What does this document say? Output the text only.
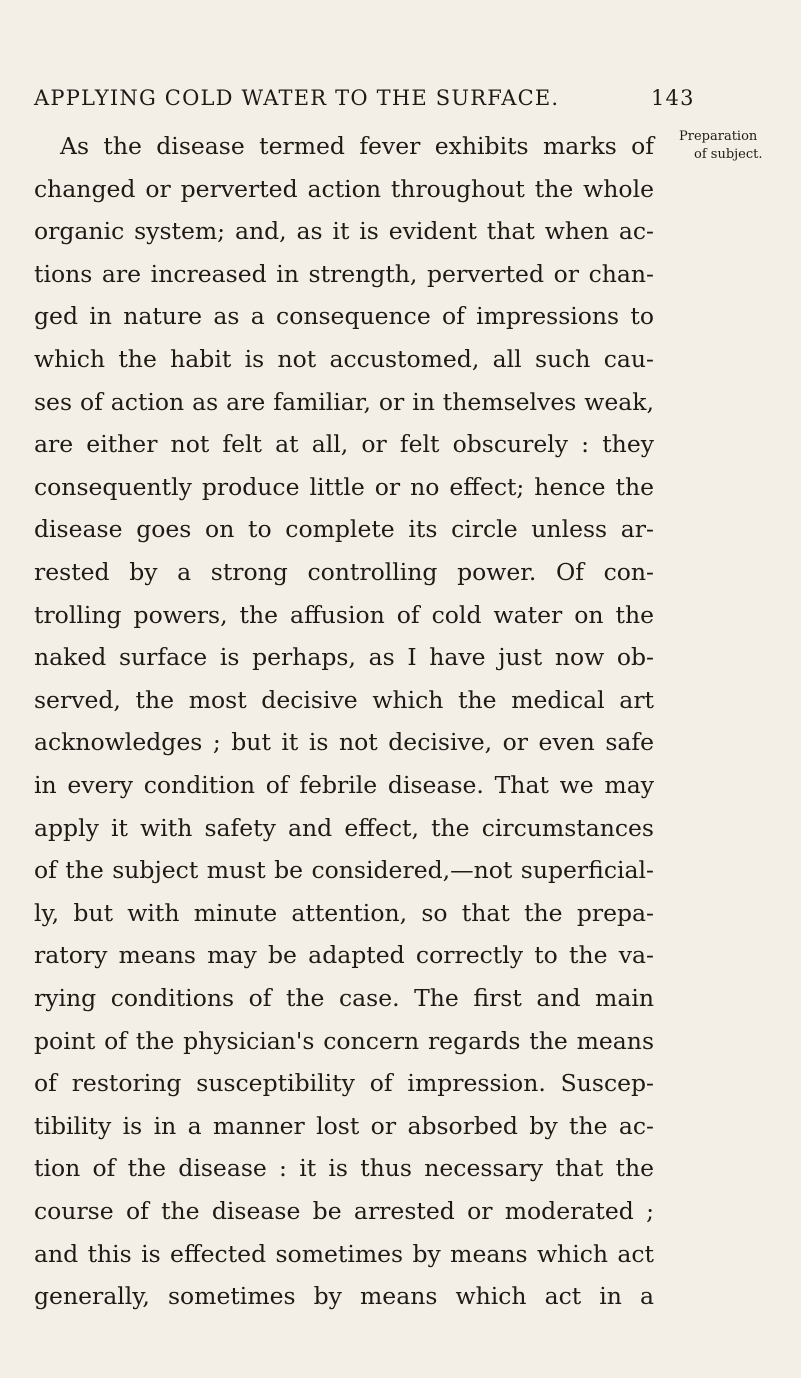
APPLYING COLD WATER TO THE SURFACE.	143
Preparation
of subject.
As the disease termed fever exhibits marks of
changed or perverted action throughout the whole
organic system; and, as it is evident that when ac-
tions are increased in strength, perverted or chan-
ged in nature as a consequence of impressions to
which the habit is not accustomed, all such cau-
ses of action as are familiar, or in themselves weak,
are either not felt at all, or felt obscurely : they
consequently produce little or no effect; hence the
disease goes on to complete its circle unless ar-
rested by a strong controlling power. Of con-
trolling powers, the affusion of cold water on the
naked surface is perhaps, as I have just now ob-
served, the most decisive which the medical art
acknowledges ; but it is not decisive, or even safe
in every condition of febrile disease. That we may
apply it with safety and effect, the circumstances
of the subject must be considered,—not superficial-
ly, but with minute attention, so that the prepa-
ratory means may be adapted correctly to the va-
rying conditions of the case. The first and main
point of the physician's concern regards the means
of restoring susceptibility of impression. Suscep-
tibility is in a manner lost or absorbed by the ac-
tion of the disease : it is thus necessary that the
course of the disease be arrested or moderated ;
and this is effected sometimes by means which act
generally, sometimes by means which act in a
